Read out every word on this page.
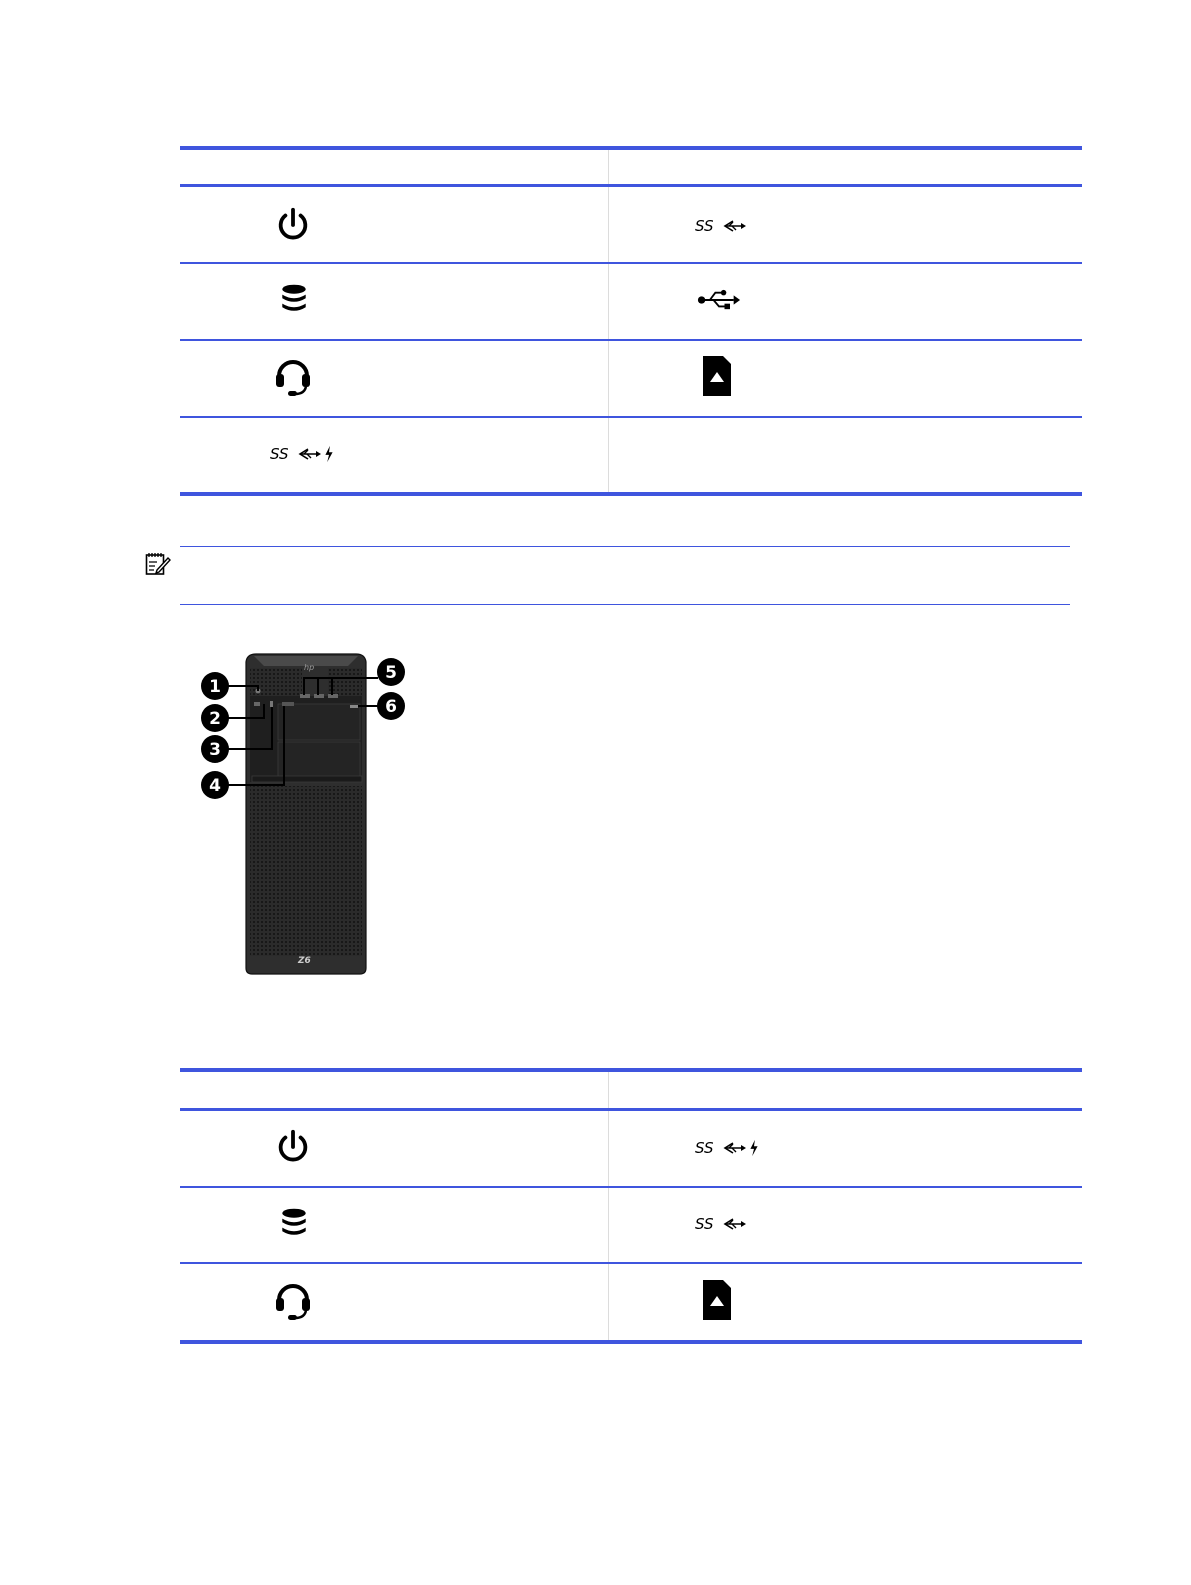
hp
Z6
1
2
3
4
5
6
